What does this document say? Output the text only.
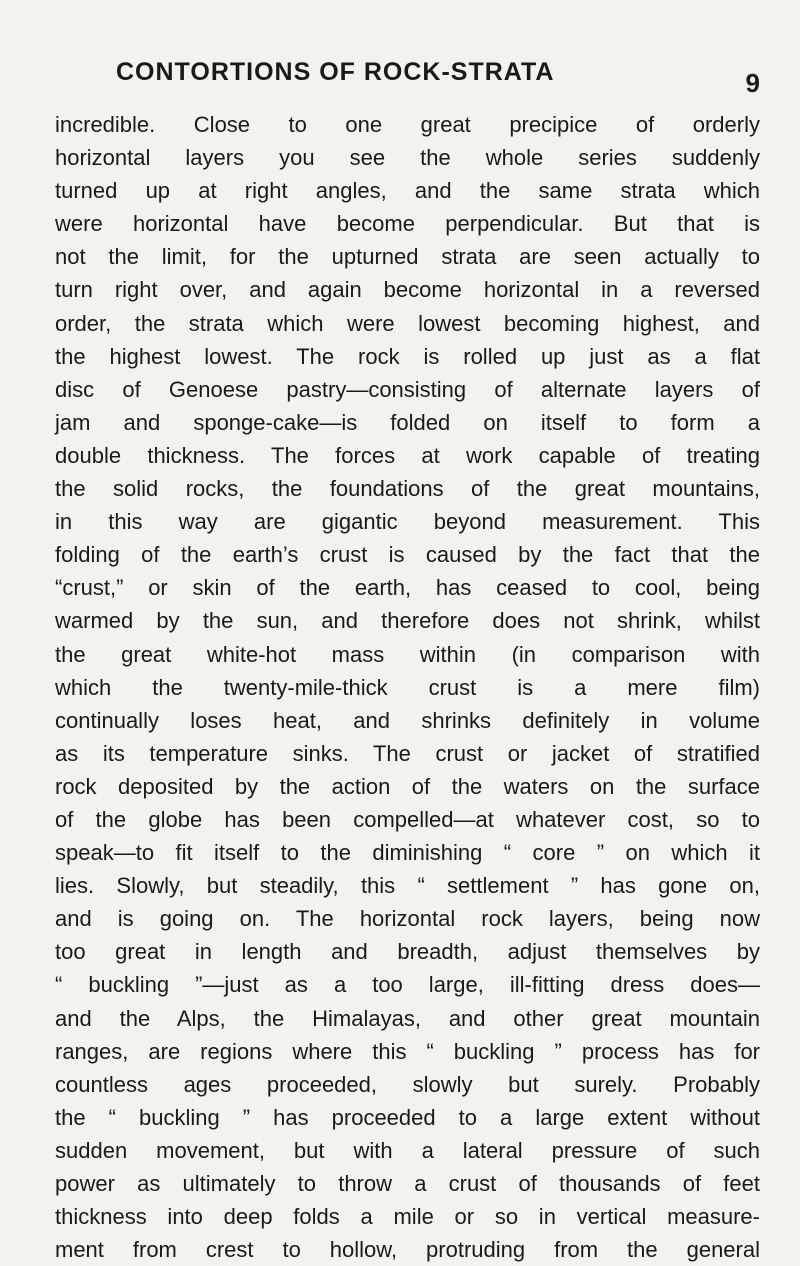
CONTORTIONS OF ROCK-STRATA	9
incredible. Close to one great precipice of orderly
horizontal layers you see the whole series suddenly
turned up at right angles, and the same strata which
were horizontal have become perpendicular. But that is
not the limit, for the upturned strata are seen actually to
turn right over, and again become horizontal in a reversed
order, the strata which were lowest becoming highest, and
the highest lowest. The rock is rolled up just as a flat
disc of Genoese pastry—consisting of alternate layers of
jam and sponge-cake—is folded on itself to form a
double thickness. The forces at work capable of treating
the solid rocks, the foundations of the great mountains,
in this way are gigantic beyond measurement. This
folding of the earth’s crust is caused by the fact that the
“crust,” or skin of the earth, has ceased to cool, being
warmed by the sun, and therefore does not shrink, whilst
the great white-hot mass within (in comparison with
which the twenty-mile-thick crust is a mere film)
continually loses heat, and shrinks definitely in volume
as its temperature sinks. The crust or jacket of stratified
rock deposited by the action of the waters on the surface
of the globe has been compelled—at whatever cost, so to
speak—to fit itself to the diminishing “ core ” on which it
lies. Slowly, but steadily, this “ settlement ” has gone on,
and is going on. The horizontal rock layers, being now
too great in length and breadth, adjust themselves by
“ buckling ”—just as a too large, ill-fitting dress does—
and the Alps, the Himalayas, and other great mountain
ranges, are regions where this “ buckling ” process has for
countless ages proceeded, slowly but surely. Probably
the “ buckling ” has proceeded to a large extent without
sudden movement, but with a lateral pressure of such
power as ultimately to throw a crust of thousands of feet
thickness into deep folds a mile or so in vertical measure-
ment from crest to hollow, protruding from the general
